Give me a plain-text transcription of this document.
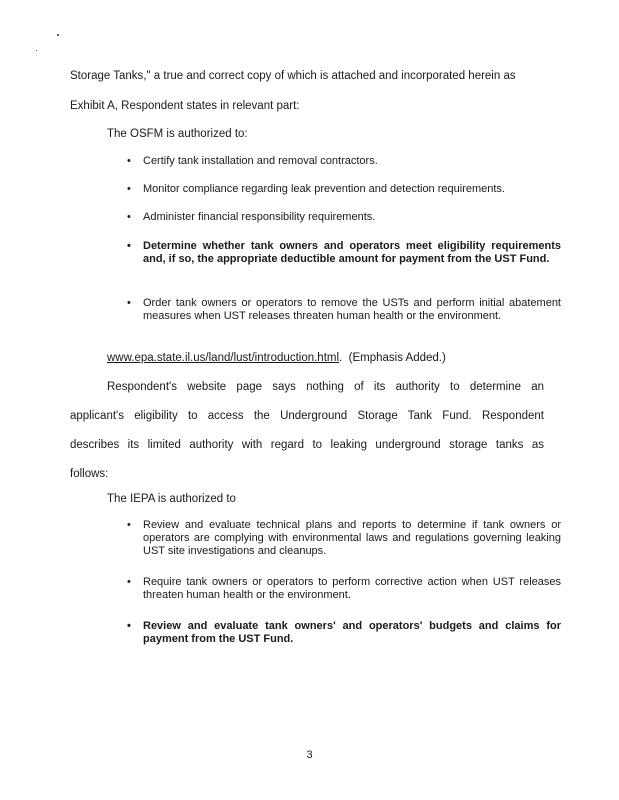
Storage Tanks," a true and correct copy of which is attached and incorporated herein as
Exhibit A, Respondent states in relevant part:
The OSFM is authorized to:
• Certify tank installation and removal contractors.
• Monitor compliance regarding leak prevention and detection requirements.
• Administer financial responsibility requirements.
• Determine whether tank owners and operators meet eligibility requirements and, if so, the appropriate deductible amount for payment from the UST Fund.
• Order tank owners or operators to remove the USTs and perform initial abatement measures when UST releases threaten human health or the environment.
www.epa.state.il.us/land/lust/introduction.html. (Emphasis Added.)
Respondent's website page says nothing of its authority to determine an
applicant's eligibility to access the Underground Storage Tank Fund. Respondent
describes its limited authority with regard to leaking underground storage tanks as
follows:
The IEPA is authorized to
• Review and evaluate technical plans and reports to determine if tank owners or operators are complying with environmental laws and regulations governing leaking UST site investigations and cleanups.
• Require tank owners or operators to perform corrective action when UST releases threaten human health or the environment.
• Review and evaluate tank owners' and operators' budgets and claims for payment from the UST Fund.
3
